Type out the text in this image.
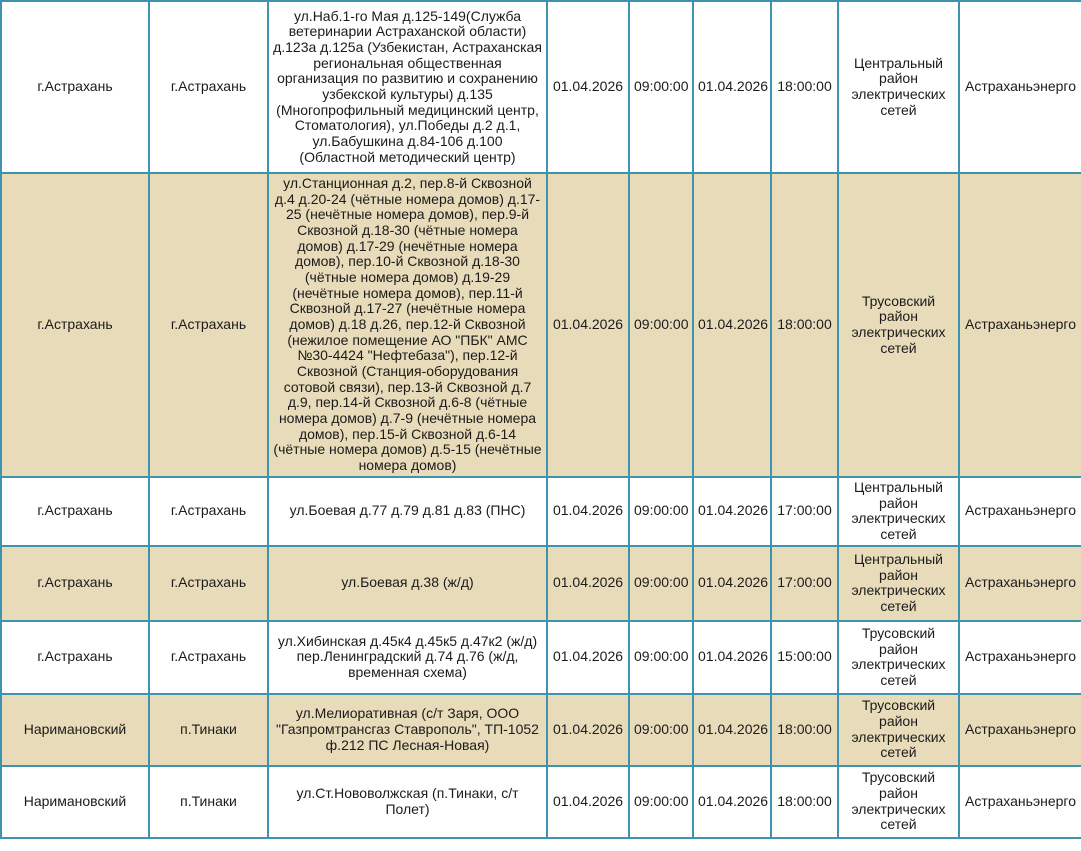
г.Астрахань	г.Астрахань	ул.Наб.1-го Мая д.125-149(Служба ветеринарии Астраханской области) д.123а д.125а (Узбекистан, Астраханская региональная общественная организация по развитию и сохранению узбекской культуры) д.135 (Многопрофильный медицинский центр, Стоматология), ул.Победы д.2 д.1, ул.Бабушкина д.84-106 д.100 (Областной методический центр)	01.04.2026	09:00:00	01.04.2026	18:00:00	Центральный район электрических сетей	Астраханьэнерго
г.Астрахань	г.Астрахань	ул.Станционная д.2, пер.8-й Сквозной д.4 д.20-24 (чётные номера домов) д.17-25 (нечётные номера домов), пер.9-й Сквозной д.18-30 (чётные номера домов) д.17-29 (нечётные номера домов), пер.10-й Сквозной д.18-30 (чётные номера домов) д.19-29 (нечётные номера домов), пер.11-й Сквозной д.17-27 (нечётные номера домов) д.18 д.26, пер.12-й Сквозной (нежилое помещение АО "ПБК" АМС №30-4424 "Нефтебаза"), пер.12-й Сквозной (Станция-оборудования сотовой связи), пер.13-й Сквозной д.7 д.9, пер.14-й Сквозной д.6-8 (чётные номера домов) д.7-9 (нечётные номера домов), пер.15-й Сквозной д.6-14 (чётные номера домов) д.5-15 (нечётные номера домов)	01.04.2026	09:00:00	01.04.2026	18:00:00	Трусовский район электрических сетей	Астраханьэнерго
г.Астрахань	г.Астрахань	ул.Боевая д.77 д.79 д.81 д.83 (ПНС)	01.04.2026	09:00:00	01.04.2026	17:00:00	Центральный район электрических сетей	Астраханьэнерго
г.Астрахань	г.Астрахань	ул.Боевая д.38 (ж/д)	01.04.2026	09:00:00	01.04.2026	17:00:00	Центральный район электрических сетей	Астраханьэнерго
г.Астрахань	г.Астрахань	ул.Хибинская д.45к4 д.45к5 д.47к2 (ж/д) пер.Ленинградский д.74 д.76 (ж/д, временная схема)	01.04.2026	09:00:00	01.04.2026	15:00:00	Трусовский район электрических сетей	Астраханьэнерго
Наримановский	п.Тинаки	ул.Мелиоративная (с/т Заря, ООО "Газпромтрансгаз Ставрополь", ТП-1052 ф.212 ПС Лесная-Новая)	01.04.2026	09:00:00	01.04.2026	18:00:00	Трусовский район электрических сетей	Астраханьэнерго
Наримановский	п.Тинаки	ул.Ст.Нововолжская (п.Тинаки, с/т Полет)	01.04.2026	09:00:00	01.04.2026	18:00:00	Трусовский район электрических сетей	Астраханьэнерго
